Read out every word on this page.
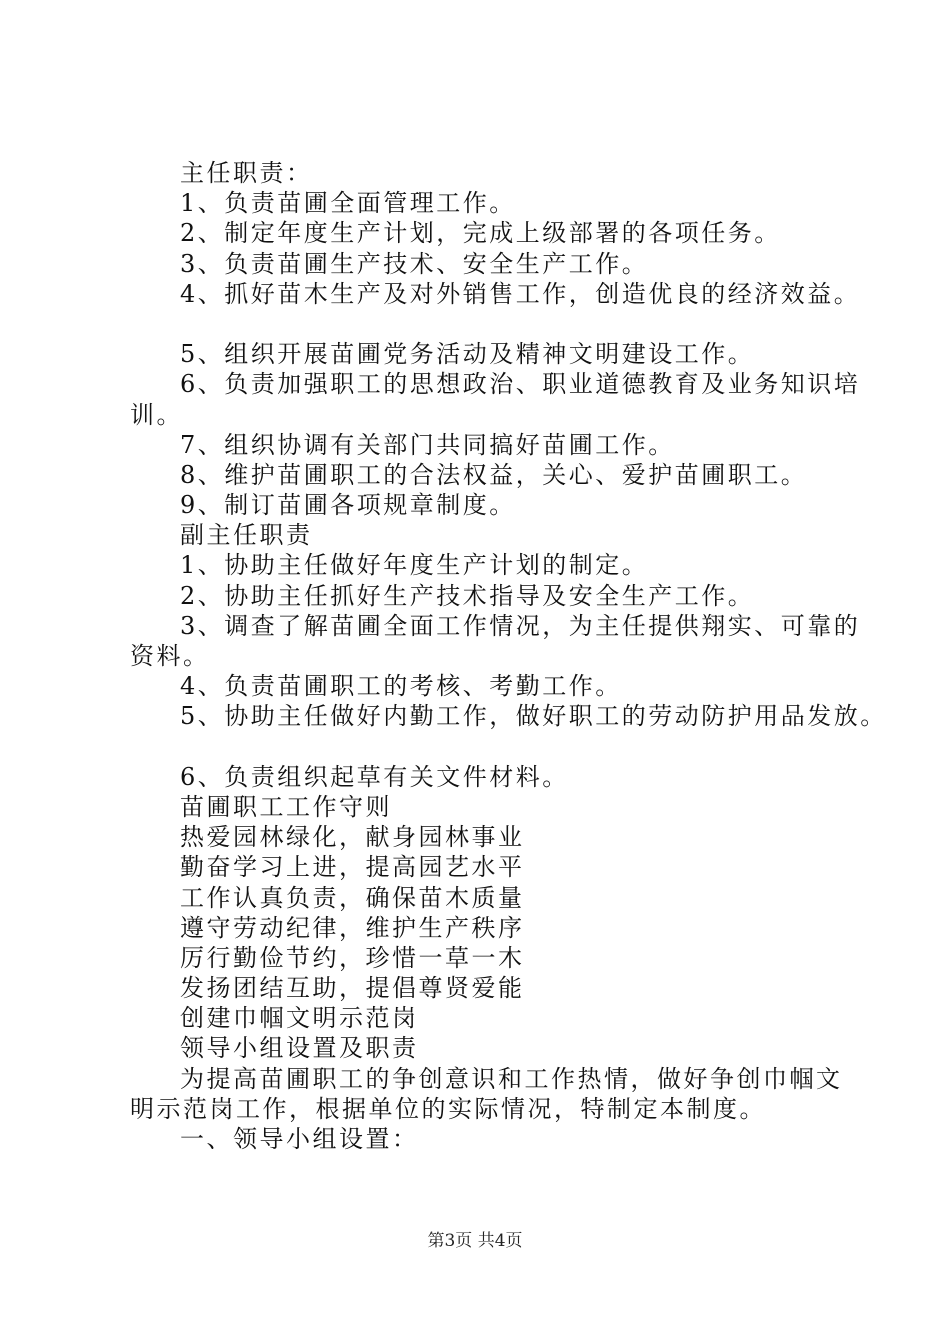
主任职责：
1、负责苗圃全面管理工作。
2、制定年度生产计划，完成上级部署的各项任务。
3、负责苗圃生产技术、安全生产工作。
4、抓好苗木生产及对外销售工作，创造优良的经济效益。
5、组织开展苗圃党务活动及精神文明建设工作。
6、负责加强职工的思想政治、职业道德教育及业务知识培
训。
7、组织协调有关部门共同搞好苗圃工作。
8、维护苗圃职工的合法权益，关心、爱护苗圃职工。
9、制订苗圃各项规章制度。
副主任职责
1、协助主任做好年度生产计划的制定。
2、协助主任抓好生产技术指导及安全生产工作。
3、调查了解苗圃全面工作情况，为主任提供翔实、可靠的
资料。
4、负责苗圃职工的考核、考勤工作。
5、协助主任做好内勤工作，做好职工的劳动防护用品发放。
6、负责组织起草有关文件材料。
苗圃职工工作守则
热爱园林绿化，献身园林事业
勤奋学习上进，提高园艺水平
工作认真负责，确保苗木质量
遵守劳动纪律，维护生产秩序
厉行勤俭节约，珍惜一草一木
发扬团结互助，提倡尊贤爱能
创建巾帼文明示范岗
领导小组设置及职责
为提高苗圃职工的争创意识和工作热情，做好争创巾帼文
明示范岗工作，根据单位的实际情况，特制定本制度。
一、领导小组设置：
第3页 共4页
